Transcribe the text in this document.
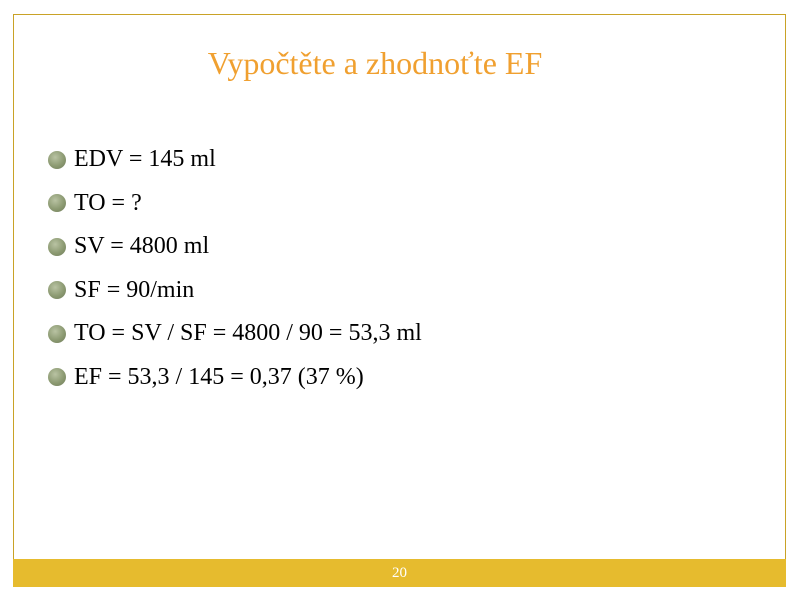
Vypočtěte a zhodnoťte EF
EDV = 145 ml
TO = ?
SV = 4800 ml
SF = 90/min
TO = SV / SF = 4800 / 90 = 53,3 ml
EF = 53,3 / 145 = 0,37 (37 %)
20
